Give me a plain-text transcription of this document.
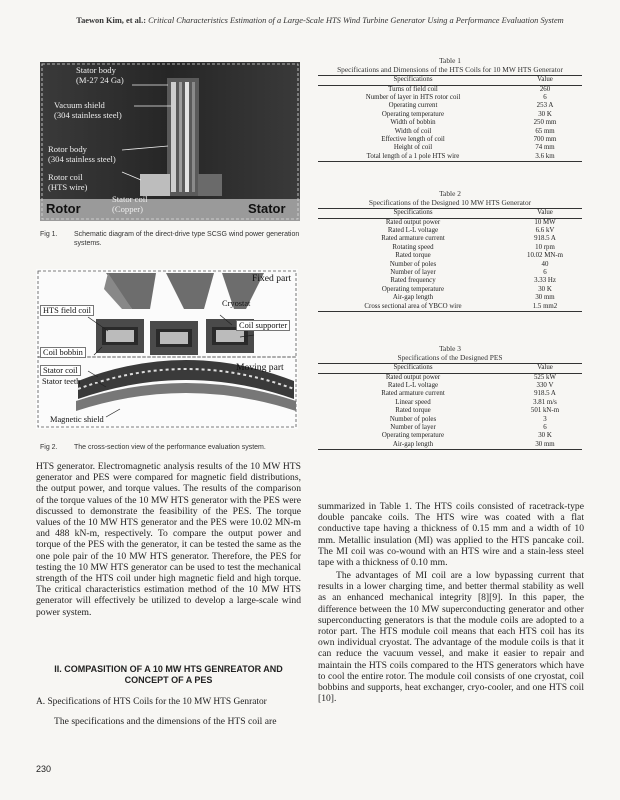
Taewon Kim, et al.: Critical Characteristics Estimation of a Large-Scale HTS Wind Turbine Generator Using a Performance Evaluation System
Stator body
(M-27 24 Ga)
Vacuum shield
(304 stainless steel)
Rotor body
(304 stainless steel)
Rotor coil
(HTS wire)
Stator coil
(Copper)
Rotor	Stator
Fig 1. Schematic diagram of the direct-drive type SCSG wind power generation systems.
Fixed part
Cryostat
HTS field coil
Coil supporter
Coil bobbin
Stator coil	Moving part
Stator teeth
Magnetic shield
Fig 2. The cross-section view of the performance evaluation system.
Table 1
Specifications and Dimensions of the HTS Coils for 10 MW HTS Generator
Specifications	Value
Turns of field coil	260
Number of layer in HTS rotor coil	6
Operating current	253 A
Operating temperature	30 K
Width of bobbin	250 mm
Width of coil	65 mm
Effective length of coil	700 mm
Height of coil	74 mm
Total length of a 1 pole HTS wire	3.6 km
Table 2
Specifications of the Designed 10 MW HTS Generator
Specifications	Value
Rated output power	10 MW
Rated L-L voltage	6.6 kV
Rated armature current	918.5 A
Rotating speed	10 rpm
Rated torque	10.02 MN-m
Number of poles	40
Number of layer	6
Rated frequency	3.33 Hz
Operating temperature	30 K
Air-gap length	30 mm
Cross sectional area of YBCO wire	1.5 mm2
Table 3
Specifications of the Designed PES
Specifications	Value
Rated output power	525 kW
Rated L-L voltage	330 V
Rated armature current	918.5 A
Linear speed	3.81 m/s
Rated torque	501 kN-m
Number of poles	3
Number of layer	6
Operating temperature	30 K
Air-gap length	30 mm
HTS generator. Electromagnetic analysis results of the 10 MW HTS generator and PES were compared for magnetic field distributions, the output power, and torque values. The results of the comparison of the torque values of the 10 MW HTS generator with the PES were discussed to demonstrate the feasibility of the PES. The torque values of the 10 MW HTS generator and the PES were 10.02 MN-m and 488 kN-m, respectively. To compare the output power and torque of the PES with the generator, it can be tested the same as the one pole pair of the 10 MW HTS generator. Therefore, the PES for testing the 10 MW HTS generator can be used to test the mechanical strength of the HTS coil under high magnetic field and high torque. The critical characteristics estimation method of the 10 MW HTS generator will effectively be utilized to develop a large-scale wind power system.
II. COMPASITION OF A 10 MW HTS GENREATOR AND
CONCEPT OF A PES
A. Specifications of HTS Coils for the 10 MW HTS Genrator
The specifications and the dimensions of the HTS coil are
summarized in Table 1. The HTS coils consisted of racetrack-type double pancake coils. The HTS wire was coated with a flat conductive tape having a thickness of 0.15 mm and a width of 10 mm. Metallic insulation (MI) was applied to the HTS pancake coil. The MI coil was co-wound with an HTS wire and a stain-less steel tape with a thickness of 0.10 mm.
The advantages of MI coil are a low bypassing current that results in a lower charging time, and better thermal stability as well as an enhanced mechanical integrity [8][9]. In this paper, the difference between the 10 MW superconducting generator and other superconducting generators is that the module coils are adopted to a rotor part. The HTS module coil means that each HTS coil has its own individual cryostat. The advantage of the module coils is that it can reduce the vacuum vessel, and make it easier to repair and maintain the HTS coils compared to the HTS generators which have to cool the entire rotor. The module coil consists of one cryostat, coil bobbins and supports, heat exchanger, cryo-cooler, and one HTS coil [10].
230
